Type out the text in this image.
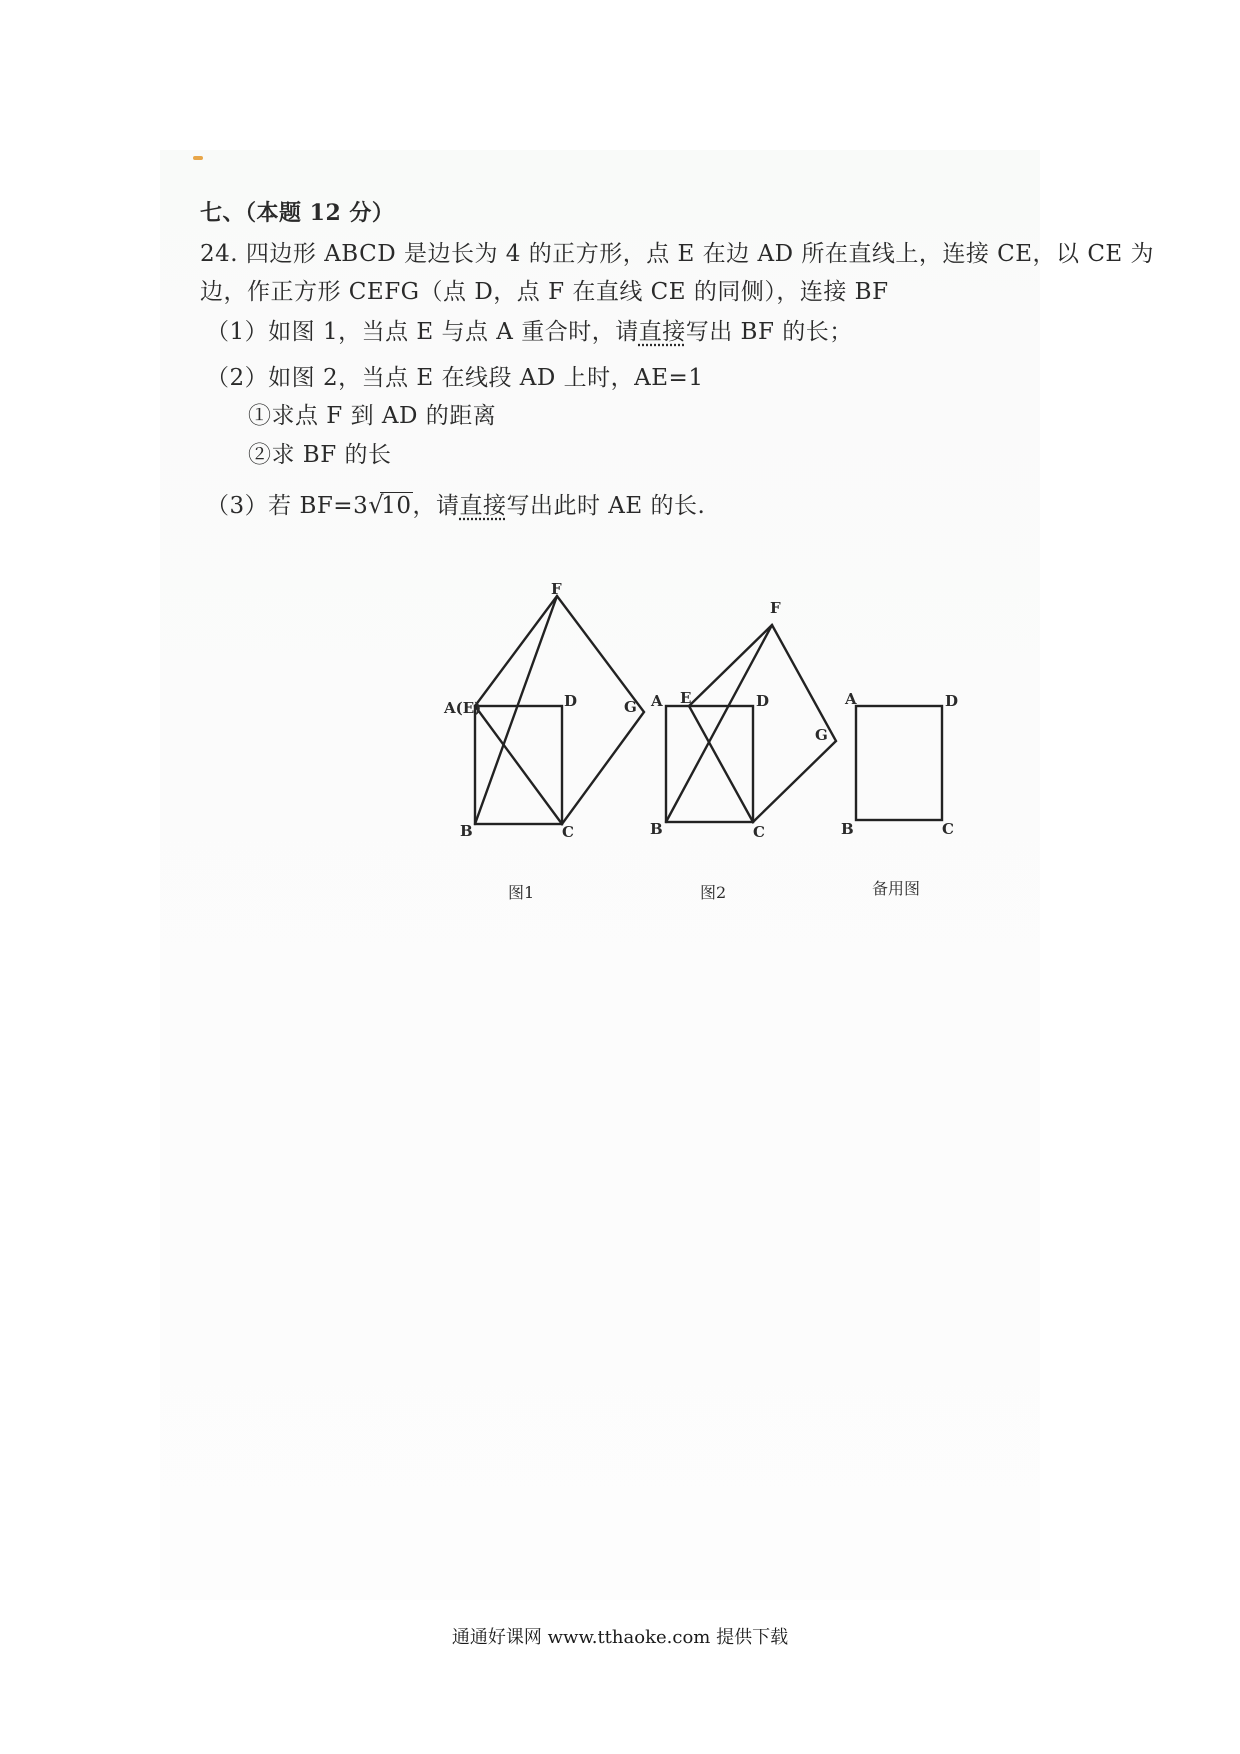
七、（本题 12 分）
24. 四边形 ABCD 是边长为 4 的正方形，点 E 在边 AD 所在直线上，连接 CE，以 CE 为
边，作正方形 CEFG（点 D，点 F 在直线 CE 的同侧），连接 BF
（1）如图 1，当点 E 与点 A 重合时，请直接写出 BF 的长；
（2）如图 2，当点 E 在线段 AD 上时，AE=1
①求点 F 到 AD 的距离
②求 BF 的长
（3）若 BF=3√ 10，请直接写出此时 AE 的长.
A(E)	D
B	C
F
G A E	D
B	C
F
G
A	D
B	C
图1	图2	备用图
通通好课网 www.tthaoke.com 提供下载
